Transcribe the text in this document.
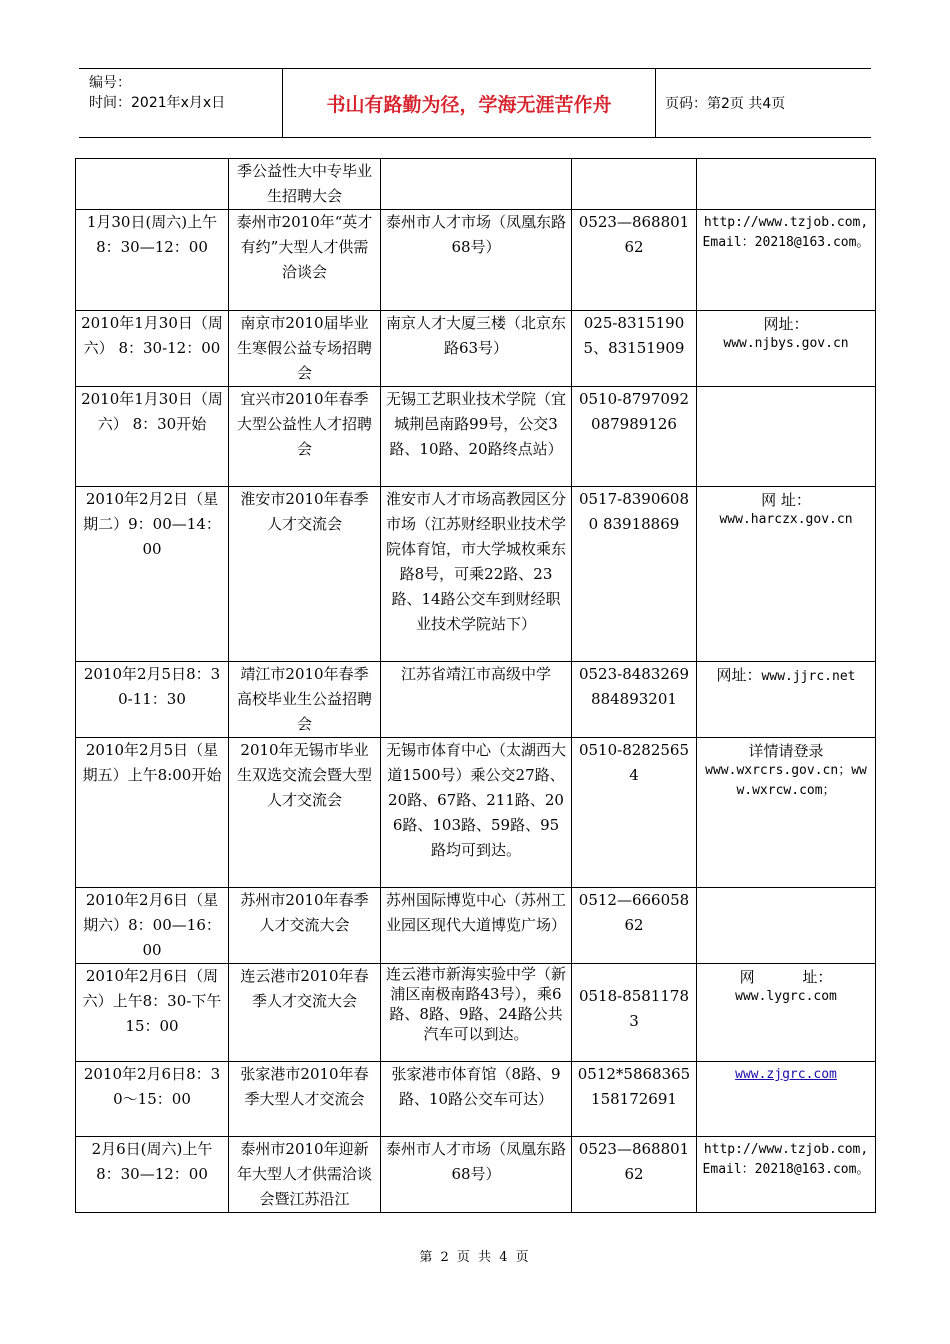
编号：
时间：2021年x月x日	书山有路勤为径，学海无涯苦作舟	页码：第2页 共4页
	季公益性大中专毕业生招聘大会			
1月30日(周六)上午8：30—12：00	泰州市2010年“英才有约”大型人才供需洽谈会	泰州市人才市场（凤凰东路68号）	0523—86880162	http://www.tzjob.com,Email：20218@163.com。
2010年1月30日（周六） 8：30-12：00	南京市2010届毕业生寒假公益专场招聘会	南京人才大厦三楼（北京东路63号）	025-83151905、83151909	网址：
www.njbys.gov.cn

2010年1月30日（周六） 8：30开始	宜兴市2010年春季大型公益性人才招聘会	无锡工艺职业技术学院（宜城荆邑南路99号，公交3路、10路、20路终点站）	0510-8797092087989126	
2010年2月2日（星期二）9：00—14：00	淮安市2010年春季人才交流会	淮安市人才市场高教园区分市场（江苏财经职业技术学院体育馆，市大学城枚乘东路8号，可乘22路、23路、14路公交车到财经职业技术学院站下）	0517-83906080 83918869	网 址：
www.harczx.gov.cn

2010年2月5日8：30-11：30	靖江市2010年春季高校毕业生公益招聘会	江苏省靖江市高级中学	0523-8483269884893201	网址：www.jjrc.net
2010年2月5日（星期五）上午8:00开始	2010年无锡市毕业生双选交流会暨大型人才交流会	无锡市体育中心（太湖西大道1500号）乘公交27路、20路、67路、211路、206路、103路、59路、95路均可到达。	0510-82825654	详情请登录
www.wxrcrs.gov.cn；www.wxrcw.com；

2010年2月6日（星期六）8：00—16：00	苏州市2010年春季人才交流大会	苏州国际博览中心（苏州工业园区现代大道博览广场）	0512—66605862	
2010年2月6日（周六）上午8：30-下午15：00	连云港市2010年春季人才交流大会	连云港市新海实验中学（新浦区南极南路43号），乘6路、8路、9路、24路公共汽车可以到达。	0518-85811783	网          址：
www.lygrc.com

2010年2月6日8：30～15：00	张家港市2010年春季大型人才交流会	张家港市体育馆（8路、9路、10路公交车可达）	0512*5868365158172691	www.zjgrc.com
2月6日(周六)上午8：30—12：00	泰州市2010年迎新年大型人才供需洽谈会暨江苏沿江	泰州市人才市场（凤凰东路68号）	0523—86880162	http://www.tzjob.com,Email：20218@163.com。
第 2 页 共 4 页
